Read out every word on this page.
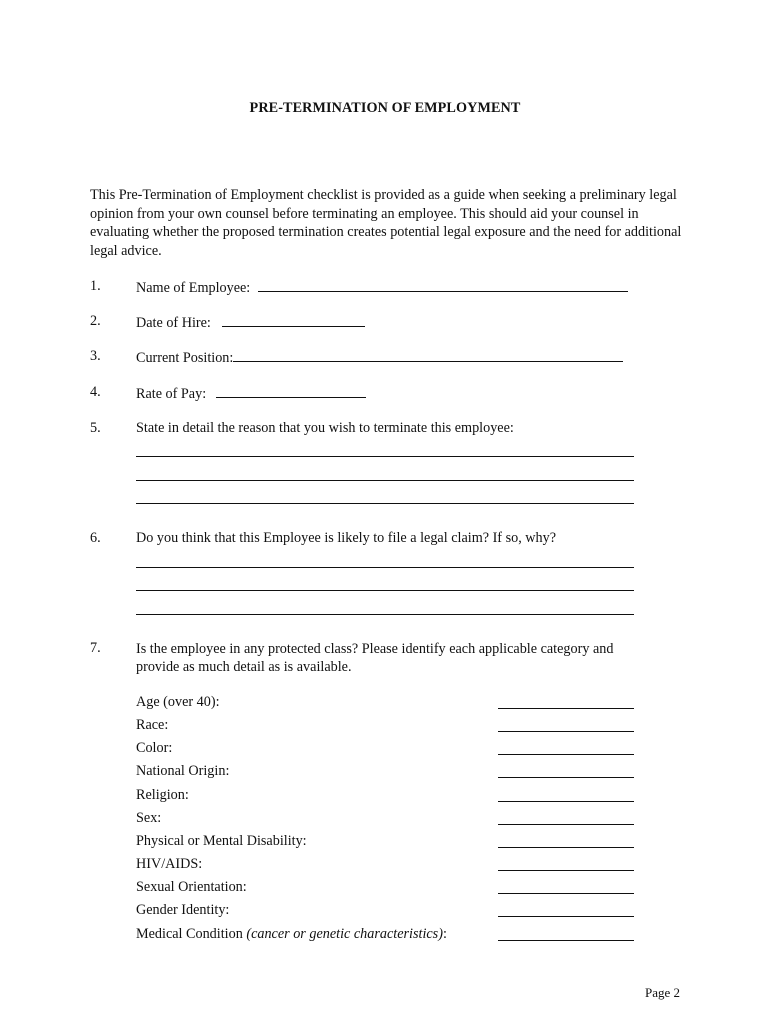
PRE-TERMINATION OF EMPLOYMENT

This Pre-Termination of Employment checklist is provided as a guide when seeking a preliminary legal opinion from your own counsel before terminating an employee. This should aid your counsel in evaluating whether the proposed termination creates potential legal exposure and the need for additional legal advice.

1. Name of Employee:
2. Date of Hire:
3. Current Position:
4. Rate of Pay:
5. State in detail the reason that you wish to terminate this employee:
6. Do you think that this Employee is likely to file a legal claim? If so, why?
7. Is the employee in any protected class? Please identify each applicable category and provide as much detail as is available.

Age (over 40):
Race:
Color:
National Origin:
Religion:
Sex:
Physical or Mental Disability:
HIV/AIDS:
Sexual Orientation:
Gender Identity:
Medical Condition (cancer or genetic characteristics):
Page 2
